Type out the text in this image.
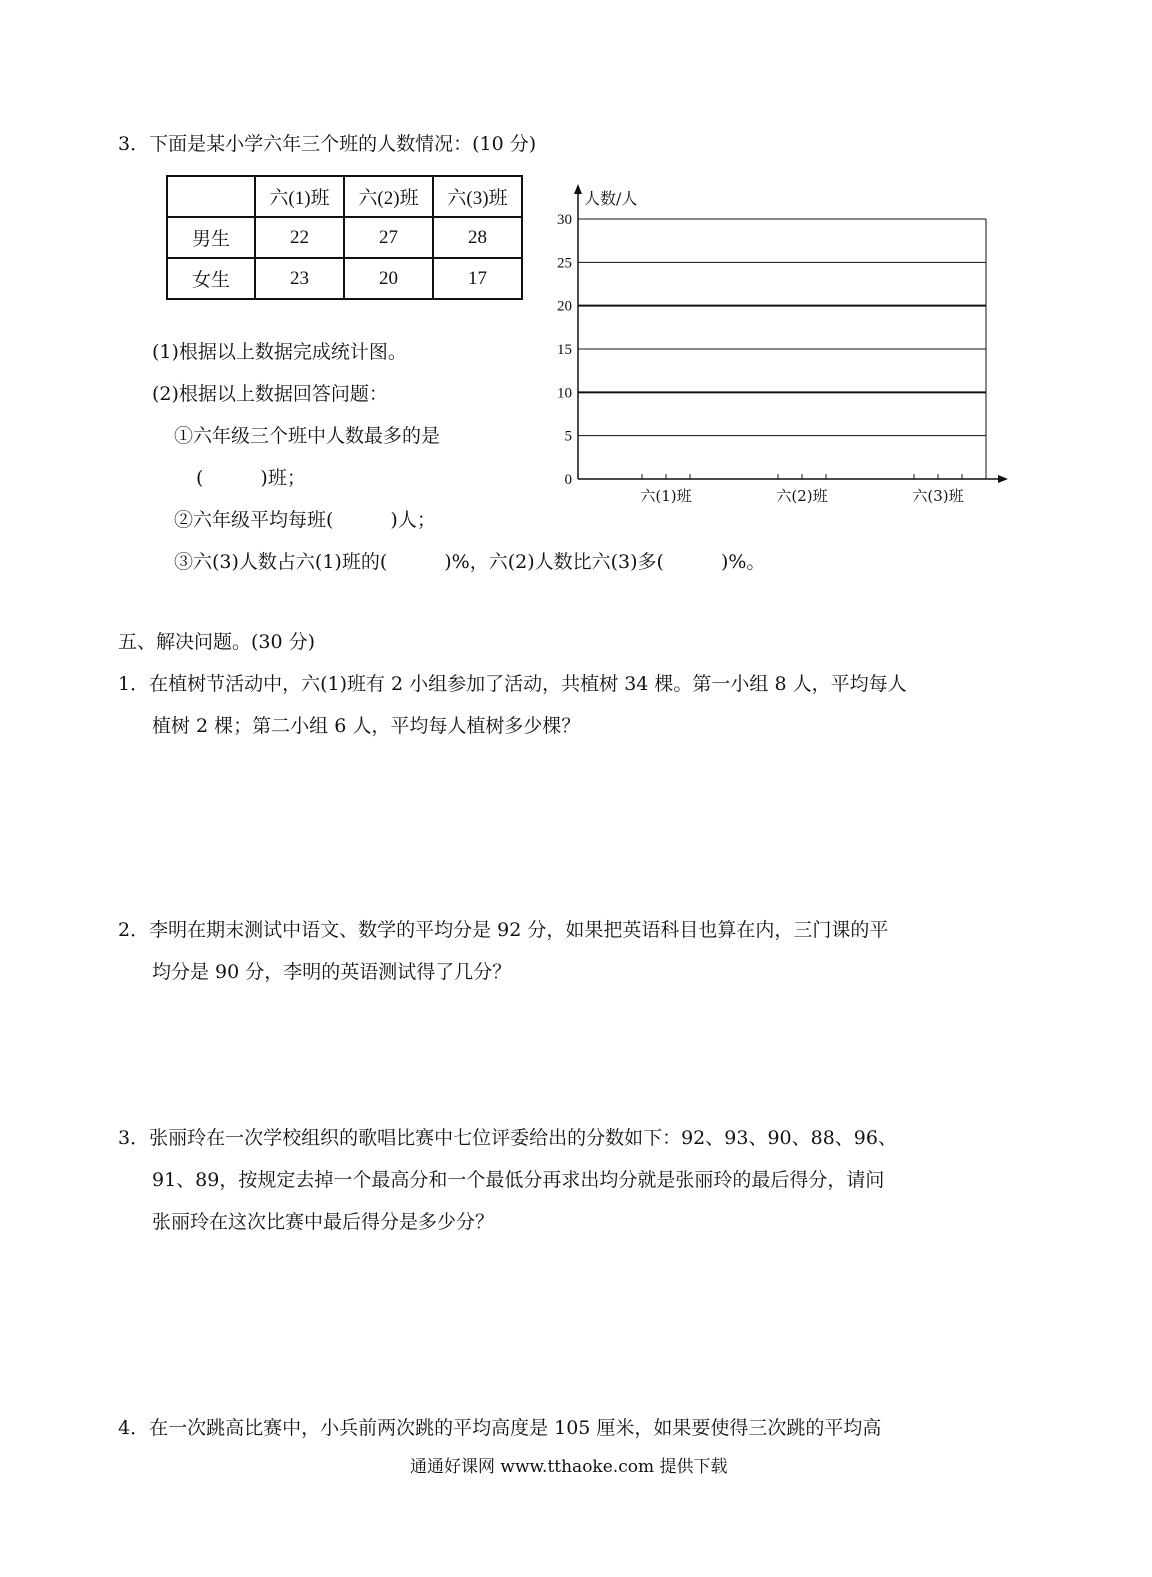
3．下面是某小学六年三个班的人数情况：(10 分)
	六(1)班	六(2)班	六(3)班
男生	22	27	28
女生	23	20	17
(1)根据以上数据完成统计图。
(2)根据以上数据回答问题：
①六年级三个班中人数最多的是
(　　　)班；
②六年级平均每班(　　　)人；
③六(3)人数占六(1)班的(　　　)%，六(2)人数比六(3)多(　　　)%。
0
5
10
15
20
25
30
人数/人
六(1)班	六(2)班	六(3)班
五、解决问题。(30 分)
1．在植树节活动中，六(1)班有 2 小组参加了活动，共植树 34 棵。第一小组 8 人，平均每人
植树 2 棵；第二小组 6 人，平均每人植树多少棵？
2．李明在期末测试中语文、数学的平均分是 92 分，如果把英语科目也算在内，三门课的平
均分是 90 分，李明的英语测试得了几分？
3．张丽玲在一次学校组织的歌唱比赛中七位评委给出的分数如下：92、93、90、88、96、
91、89，按规定去掉一个最高分和一个最低分再求出均分就是张丽玲的最后得分，请问
张丽玲在这次比赛中最后得分是多少分？
4．在一次跳高比赛中，小兵前两次跳的平均高度是 105 厘米，如果要使得三次跳的平均高
通通好课网 www.tthaoke.com 提供下载
